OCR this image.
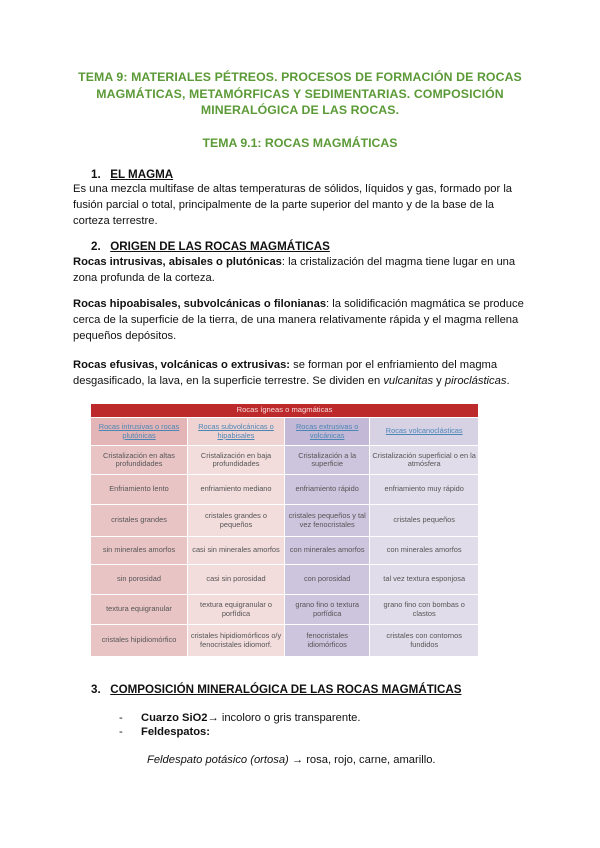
TEMA 9: MATERIALES PÉTREOS. PROCESOS DE FORMACIÓN DE ROCAS
MAGMÁTICAS, METAMÓRFICAS Y SEDIMENTARIAS. COMPOSICIÓN
MINERALÓGICA DE LAS ROCAS.
TEMA 9.1: ROCAS MAGMÁTICAS
1. EL MAGMA
Es una mezcla multifase de altas temperaturas de sólidos, líquidos y gas, formado por la
fusión parcial o total, principalmente de la parte superior del manto y de la base de la
corteza terrestre.
2. ORIGEN DE LAS ROCAS MAGMÁTICAS
Rocas intrusivas, abisales o plutónicas: la cristalización del magma tiene lugar en una
zona profunda de la corteza.
Rocas hipoabisales, subvolcánicas o filonianas: la solidificación magmática se produce
cerca de la superficie de la tierra, de una manera relativamente rápida y el magma rellena
pequeños depósitos.
Rocas efusivas, volcánicas o extrusivas: se forman por el enfriamiento del magma
desgasificado, la lava, en la superficie terrestre. Se dividen en vulcanitas y piroclásticas.
Rocas ígneas o magmáticas			
Rocas intrusivas o rocas plutónicas	Rocas subvolcánicas o hipabisales	Rocas extrusivas o volcánicas	Rocas volcanoclásticas
Cristalización en altas profundidades	Cristalización en baja profundidades	Cristalización a la superficie	Cristalización superficial o en la atmósfera
Enfriamiento lento	enfriamiento mediano	enfriamiento rápido	enfriamiento muy rápido
cristales grandes	cristales grandes o pequeños	cristales pequeños y tal vez fenocristales	cristales pequeños
sin minerales amorfos	casi sin minerales amorfos	con minerales amorfos	con minerales amorfos
sin porosidad	casi sin porosidad	con porosidad	tal vez textura esponjosa
textura equigranular	textura equigranular o porfídica	grano fino o textura porfídica	grano fino con bombas o clastos
cristales hipidiomórfico	cristales hipidiomórficos o/y fenocristales idiomorf.	fenocristales idiomórficos	cristales con contornos fundidos
3. COMPOSICIÓN MINERALÓGICA DE LAS ROCAS MAGMÁTICAS
- Cuarzo SiO2→ incoloro o gris transparente.
- Feldespatos:
Feldespato potásico (ortosa) → rosa, rojo, carne, amarillo.
